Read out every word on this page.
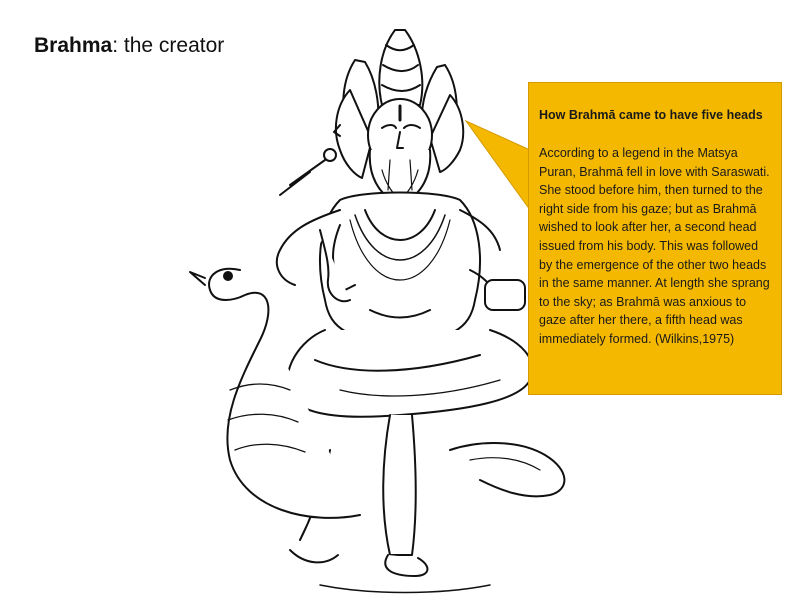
Brahma: the creator
How Brahmā came to have five heads
According to a legend in the Matsya Puran, Brahmā fell in love with Saraswati. She stood before him, then turned to the right side from his gaze; but as Brahmā wished to look after her, a second head issued from his body. This was followed by the emergence of the other two heads in the same manner. At length she sprang to the sky; as Brahmā was anxious to gaze after her there, a fifth head was immediately formed. (Wilkins,1975)
